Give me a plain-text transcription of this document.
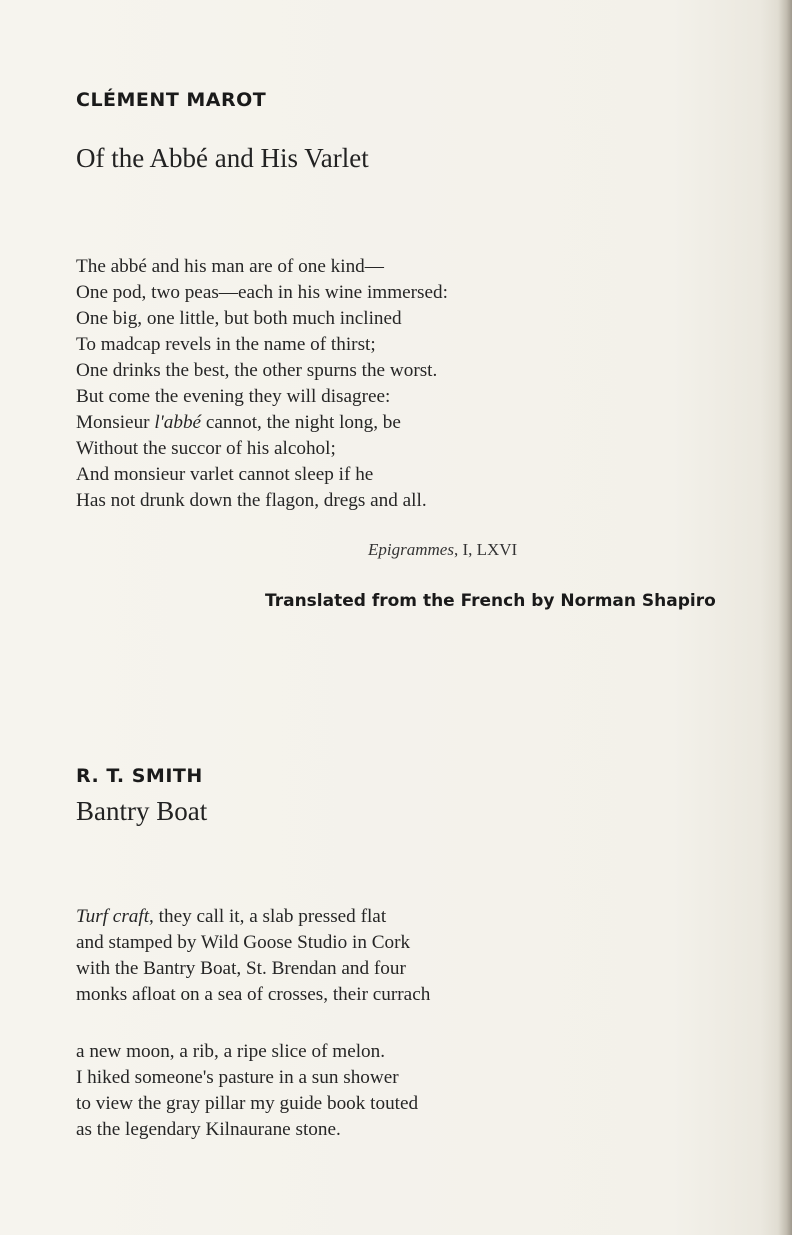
CLÉMENT MAROT
Of the Abbé and His Varlet
The abbé and his man are of one kind—
One pod, two peas—each in his wine immersed:
One big, one little, but both much inclined
To madcap revels in the name of thirst;
One drinks the best, the other spurns the worst.
But come the evening they will disagree:
Monsieur l'abbé cannot, the night long, be
Without the succor of his alcohol;
And monsieur varlet cannot sleep if he
Has not drunk down the flagon, dregs and all.
Epigrammes, I, LXVI
Translated from the French by Norman Shapiro
R. T. SMITH
Bantry Boat
Turf craft, they call it, a slab pressed flat
and stamped by Wild Goose Studio in Cork
with the Bantry Boat, St. Brendan and four
monks afloat on a sea of crosses, their currach
a new moon, a rib, a ripe slice of melon.
I hiked someone's pasture in a sun shower
to view the gray pillar my guide book touted
as the legendary Kilnaurane stone.
